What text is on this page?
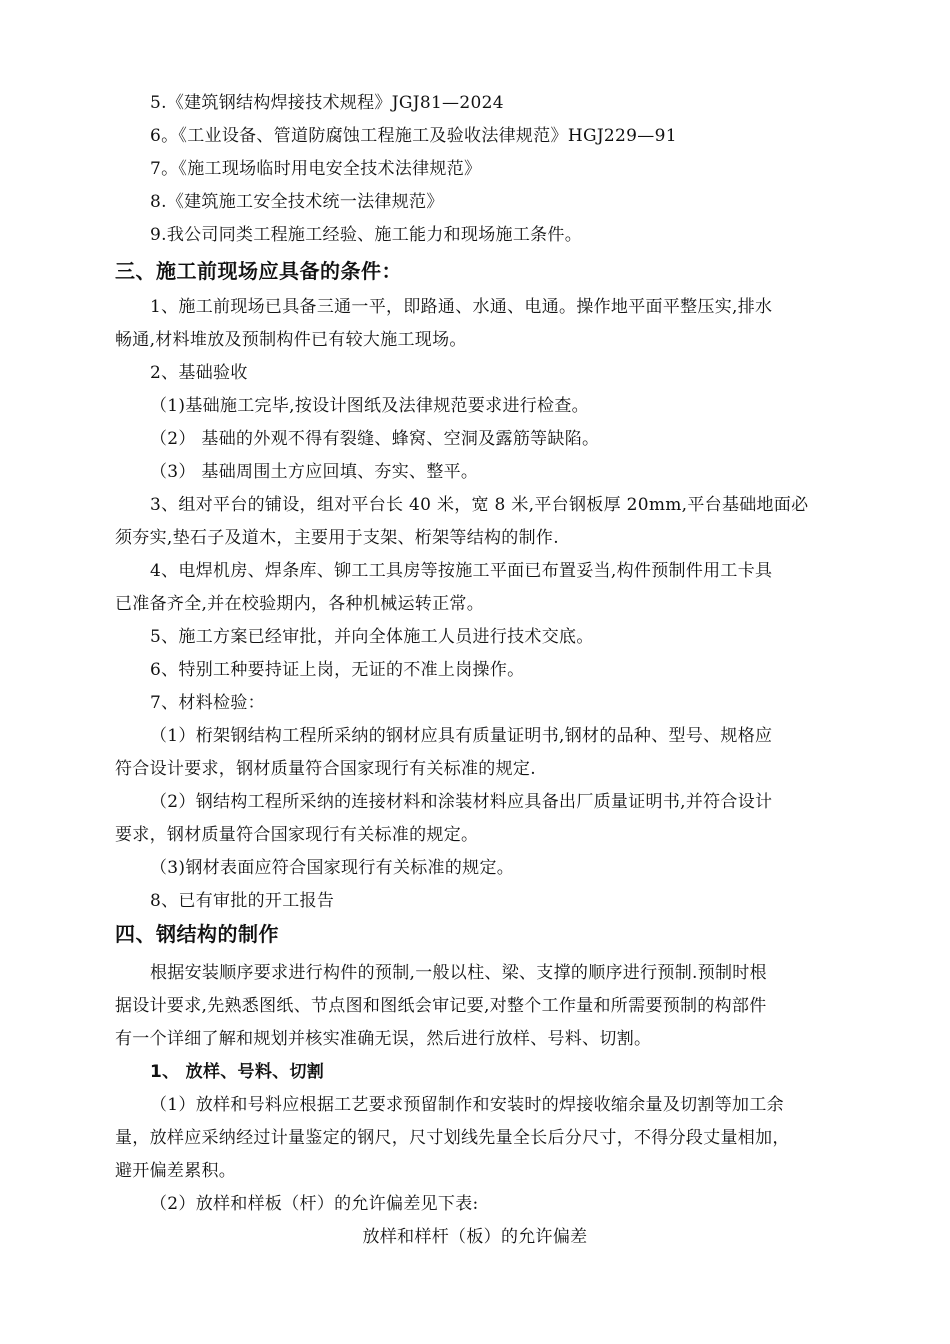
5.《建筑钢结构焊接技术规程》JGJ81—2024
6。《工业设备、管道防腐蚀工程施工及验收法律规范》HGJ229—91
7。《施工现场临时用电安全技术法律规范》
8.《建筑施工安全技术统一法律规范》
9.我公司同类工程施工经验、施工能力和现场施工条件。
三、施工前现场应具备的条件：
1、施工前现场已具备三通一平，即路通、水通、电通。操作地平面平整压实,排水
畅通,材料堆放及预制构件已有较大施工现场。
2、基础验收
（1)基础施工完毕,按设计图纸及法律规范要求进行检查。
（2） 基础的外观不得有裂缝、蜂窝、空洞及露筋等缺陷。
（3） 基础周围土方应回填、夯实、整平。
3、组对平台的铺设，组对平台长 40 米，宽 8 米,平台钢板厚 20mm,平台基础地面必
须夯实,垫石子及道木，主要用于支架、桁架等结构的制作.
4、电焊机房、焊条库、铆工工具房等按施工平面已布置妥当,构件预制件用工卡具
已准备齐全,并在校验期内，各种机械运转正常。
5、施工方案已经审批，并向全体施工人员进行技术交底。
6、特别工种要持证上岗，无证的不准上岗操作。
7、材料检验：
（1）桁架钢结构工程所采纳的钢材应具有质量证明书,钢材的品种、型号、规格应
符合设计要求，钢材质量符合国家现行有关标准的规定.
（2）钢结构工程所采纳的连接材料和涂装材料应具备出厂质量证明书,并符合设计
要求，钢材质量符合国家现行有关标准的规定。
（3)钢材表面应符合国家现行有关标准的规定。
8、已有审批的开工报告
四、钢结构的制作
根据安装顺序要求进行构件的预制,一般以柱、梁、支撑的顺序进行预制.预制时根
据设计要求,先熟悉图纸、节点图和图纸会审记要,对整个工作量和所需要预制的构部件
有一个详细了解和规划并核实准确无误，然后进行放样、号料、切割。
1、 放样、号料、切割
（1）放样和号料应根据工艺要求预留制作和安装时的焊接收缩余量及切割等加工余
量，放样应采纳经过计量鉴定的钢尺，尺寸划线先量全长后分尺寸，不得分段丈量相加，
避开偏差累积。
（2）放样和样板（杆）的允许偏差见下表:
放样和样杆（板）的允许偏差
